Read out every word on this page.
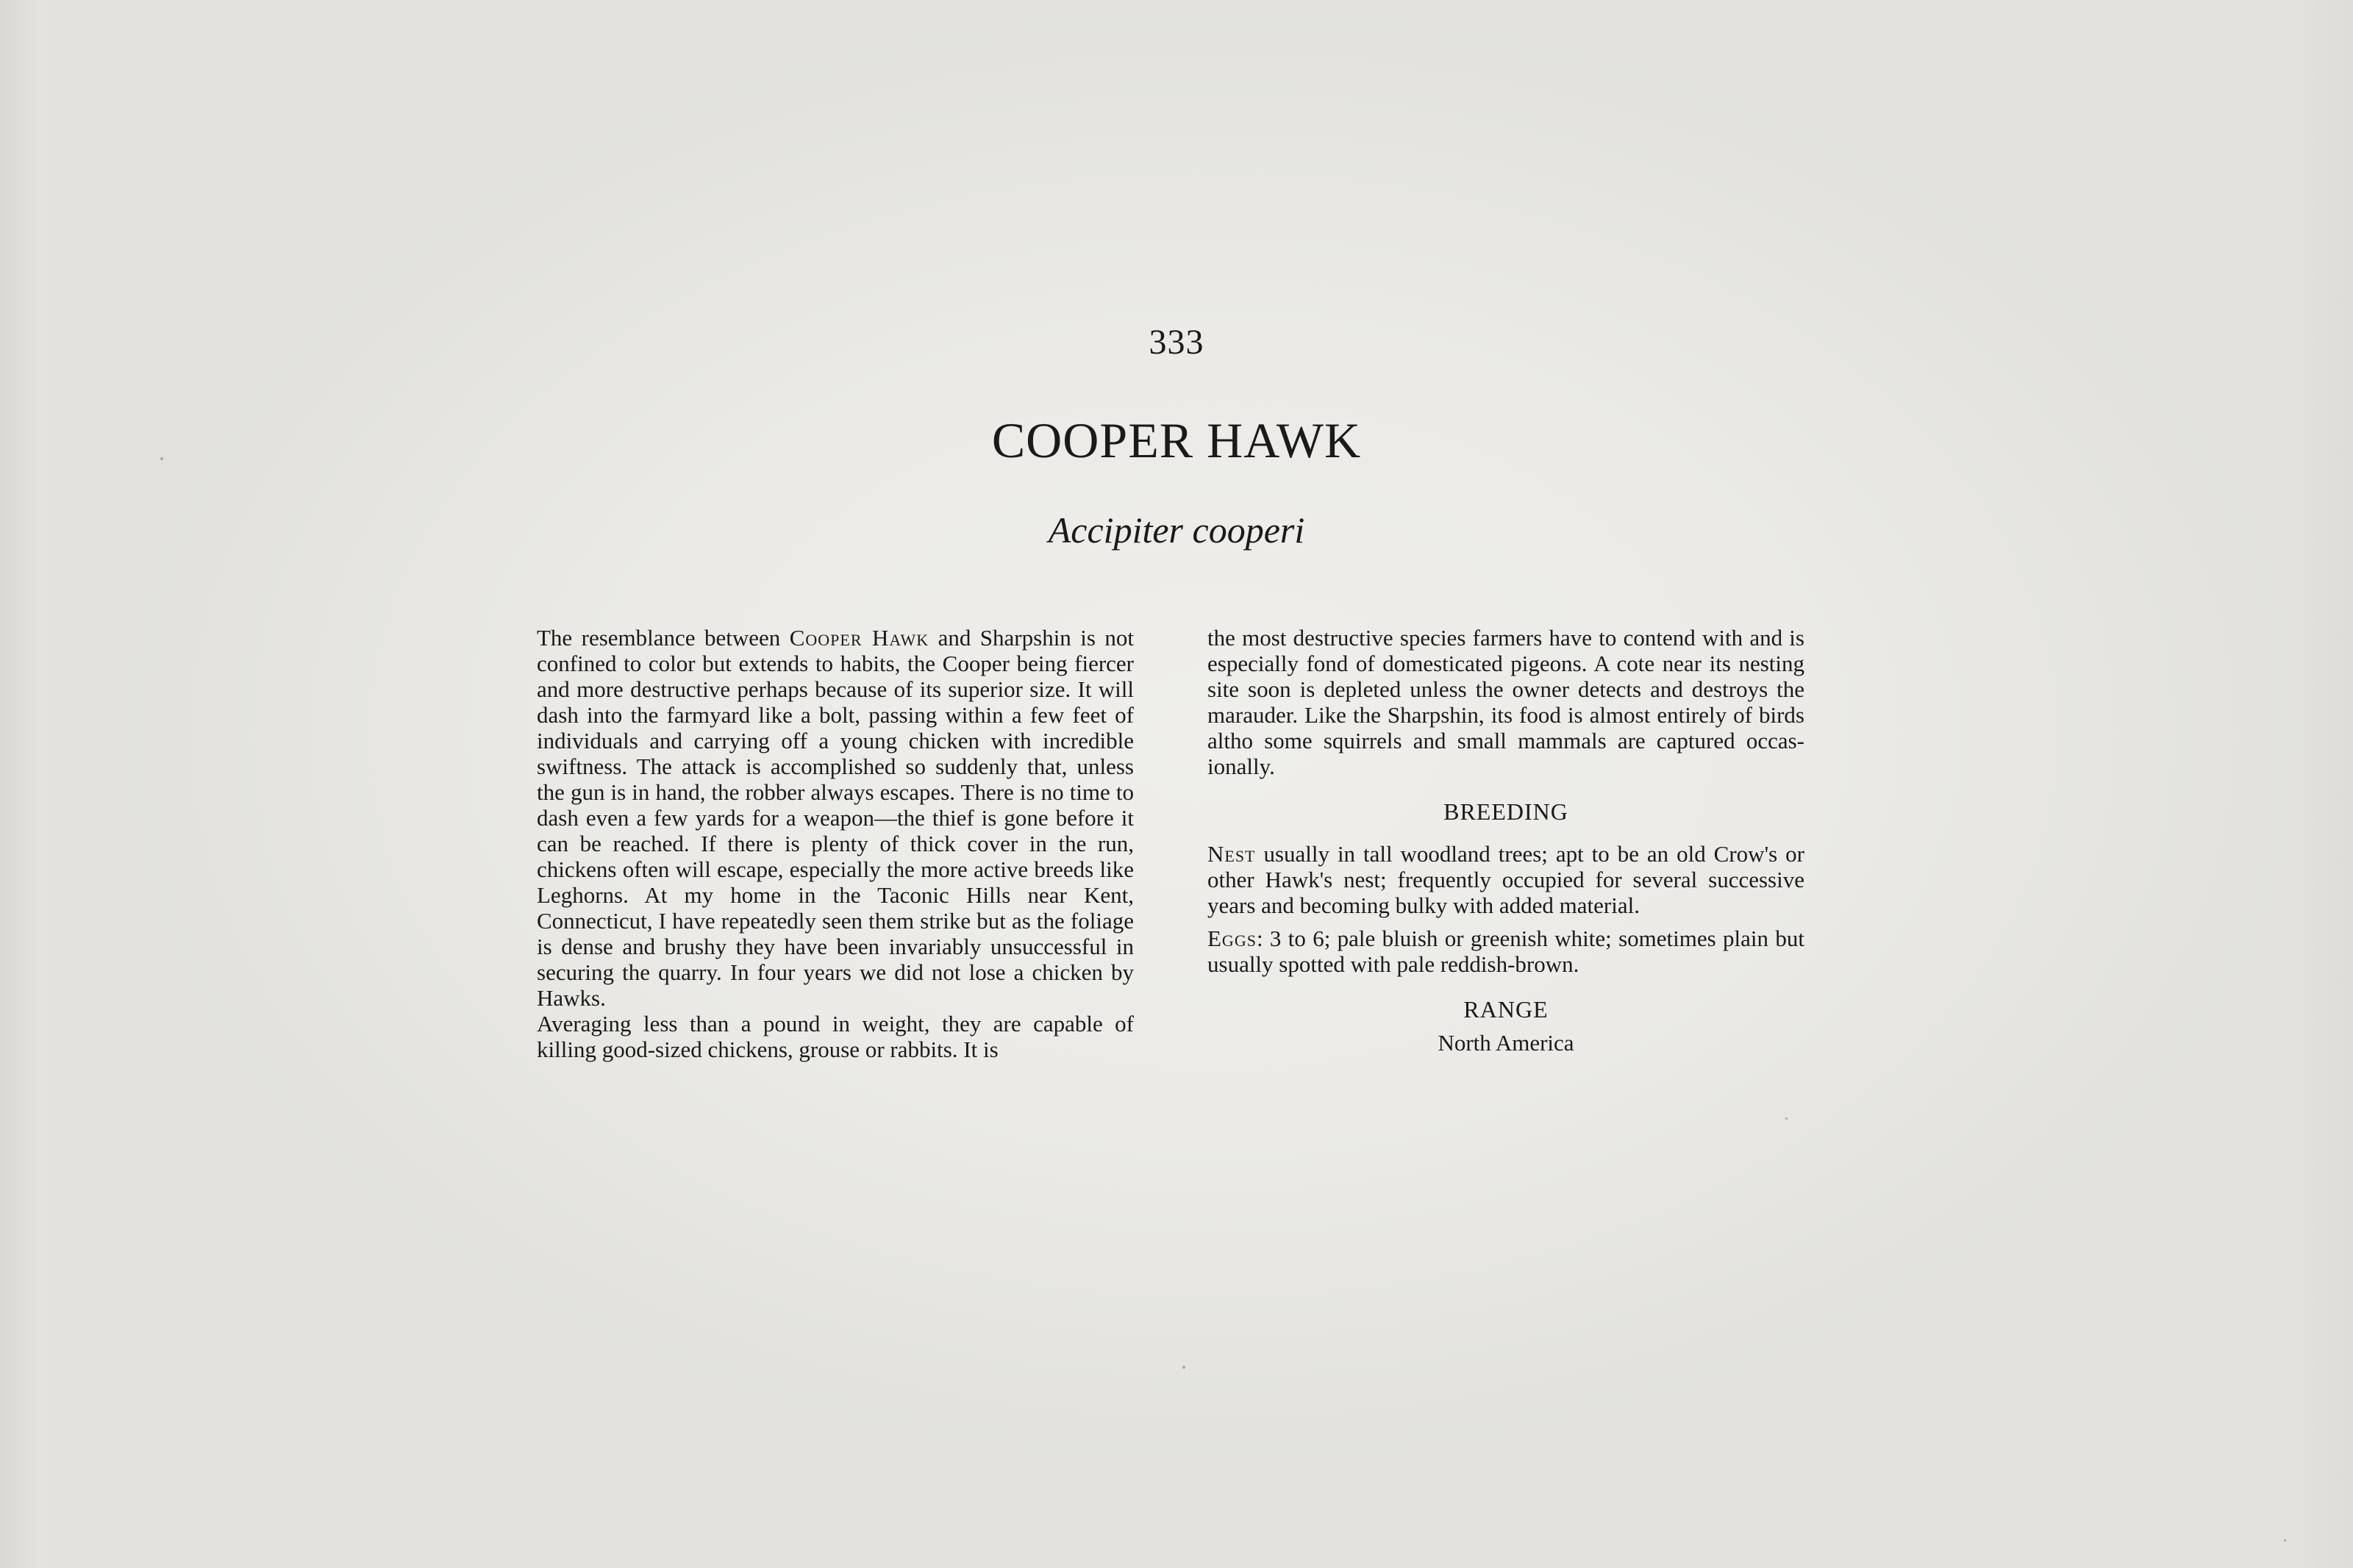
333
COOPER HAWK
Accipiter cooperi

The resemblance between Cooper Hawk and Sharpshin is not confined to color but extends to habits, the Cooper being fiercer and more destructive perhaps because of its superior size. It will dash into the farmyard like a bolt, passing within a few feet of individuals and carrying off a young chicken with incredible swiftness. The attack is accomplished so suddenly that, unless the gun is in hand, the robber always escapes. There is no time to dash even a few yards for a weapon—the thief is gone before it can be reached. If there is plenty of thick cover in the run, chickens often will escape, especially the more active breeds like Leghorns. At my home in the Taconic Hills near Kent, Connecticut, I have repeatedly seen them strike but as the foliage is dense and brushy they have been invariably unsuccessful in securing the quarry. In four years we did not lose a chicken by Hawks.

Averaging less than a pound in weight, they are capable of killing good-sized chickens, grouse or rabbits. It is

the most destructive species farmers have to contend with and is especially fond of domesticated pigeons. A cote near its nesting site soon is depleted unless the owner detects and destroys the marauder. Like the Sharpshin, its food is almost entirely of birds altho some squirrels and small mammals are captured occasionally.

BREEDING

Nest usually in tall woodland trees; apt to be an old Crow's or other Hawk's nest; frequently occupied for several successive years and becoming bulky with added material.

Eggs: 3 to 6; pale bluish or greenish white; sometimes plain but usually spotted with pale reddish-brown.

RANGE

North America
